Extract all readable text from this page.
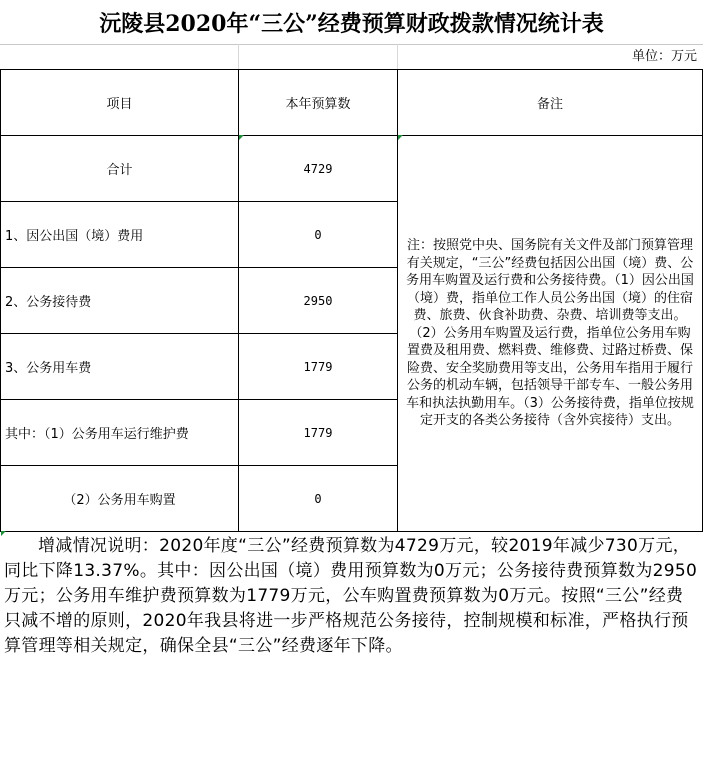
沅陵县2020年“三公”经费预算财政拨款情况统计表
单位：万元
项目	本年预算数	备注
合计	4729	注：按照党中央、国务院有关文件及部门预算管理有关规定，“三公”经费包括因公出国（境）费、公务用车购置及运行费和公务接待费。（1）因公出国（境）费，指单位工作人员公务出国（境）的住宿费、旅费、伙食补助费、杂费、培训费等支出。（2）公务用车购置及运行费，指单位公务用车购置费及租用费、燃料费、维修费、过路过桥费、保险费、安全奖励费用等支出，公务用车指用于履行公务的机动车辆，包括领导干部专车、一般公务用车和执法执勤用车。（3）公务接待费，指单位按规定开支的各类公务接待（含外宾接待）支出。

1、因公出国（境）费用	0	
2、公务接待费	2950	
3、公务用车费	1779	
其中：（1）公务用车运行维护费	1779	
（2）公务用车购置	0	
增减情况说明：2020年度“三公”经费预算数为4729万元，较2019年减少730万元，同比下降13.37%。其中：因公出国（境）费用预算数为0万元；公务接待费预算数为2950万元；公务用车维护费预算数为1779万元，公车购置费预算数为0万元。按照“三公”经费只减不增的原则，2020年我县将进一步严格规范公务接待，控制规模和标准，严格执行预算管理等相关规定，确保全县“三公”经费逐年下降。
